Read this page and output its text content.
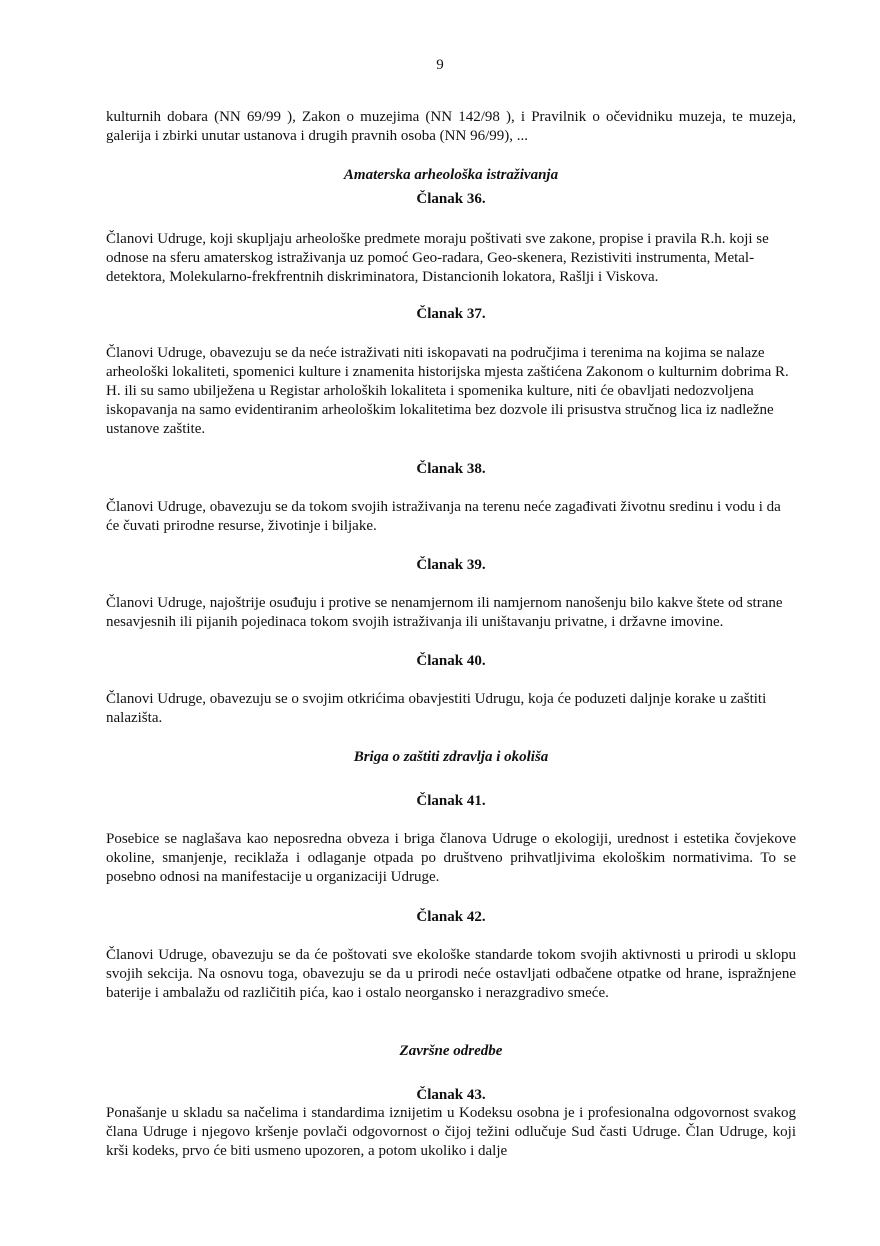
9

kulturnih dobara (NN 69/99 ), Zakon o muzejima (NN 142/98 ), i Pravilnik o očevidniku muzeja, te muzeja, galerija i zbirki unutar ustanova i drugih pravnih osoba (NN 96/99), ...

Amaterska arheološka istraživanja
Članak 36.

Članovi Udruge, koji skupljaju arheološke predmete moraju poštivati sve zakone, propise i pravila R.h. koji se odnose na sferu amaterskog istraživanja uz pomoć Geo-radara, Geo-skenera, Rezistiviti instrumenta, Metal-detektora, Molekularno-frekfrentnih diskriminatora, Distancionih lokatora, Rašlji i Viskova.

Članak 37.

Članovi Udruge, obavezuju se da neće istraživati niti iskopavati na područjima i terenima na kojima se nalaze arheološki lokaliteti, spomenici kulture i znamenita historijska mjesta zaštićena Zakonom o kulturnim dobrima R. H. ili su samo ubilježena u Registar arholoških lokaliteta i spomenika kulture, niti će obavljati nedozvoljena iskopavanja na samo evidentiranim arheološkim lokalitetima bez dozvole ili prisustva stručnog lica iz nadležne ustanove zaštite.

Članak 38.

Članovi Udruge, obavezuju se da tokom svojih istraživanja na terenu neće zagađivati životnu sredinu i vodu i da će čuvati prirodne resurse, životinje i biljake.

Članak 39.

Članovi Udruge, najoštrije osuđuju i protive se nenamjernom ili namjernom nanošenju bilo kakve štete od strane nesavjesnih ili pijanih pojedinaca tokom svojih istraživanja ili uništavanju privatne, i državne imovine.

Članak 40.

Članovi Udruge, obavezuju se o svojim otkrićima obavjestiti Udrugu, koja će poduzeti daljnje korake u zaštiti nalazišta.

Briga o zaštiti zdravlja i okoliša
Članak 41.

Posebice se naglašava kao neposredna obveza i briga članova Udruge o ekologiji, urednost i estetika čovjekove okoline, smanjenje, reciklaža i odlaganje otpada po društveno prihvatljivima ekološkim normativima. To se posebno odnosi na manifestacije u organizaciji Udruge.

Članak 42.

Članovi Udruge, obavezuju se da će poštovati sve ekološke standarde tokom svojih aktivnosti u prirodi u sklopu svojih sekcija. Na osnovu toga, obavezuju se da u prirodi neće ostavljati odbačene otpatke od hrane, ispražnjene baterije i ambalažu od različitih pića, kao i ostalo neorgansko i nerazgradivo smeće.

Završne odredbe
Članak 43.

Ponašanje u skladu sa načelima i standardima iznijetim u Kodeksu osobna je i profesionalna odgovornost svakog člana Udruge i njegovo kršenje povlači odgovornost o čijoj težini odlučuje Sud časti Udruge. Član Udruge, koji krši kodeks, prvo će biti usmeno upozoren, a potom ukoliko i dalje
